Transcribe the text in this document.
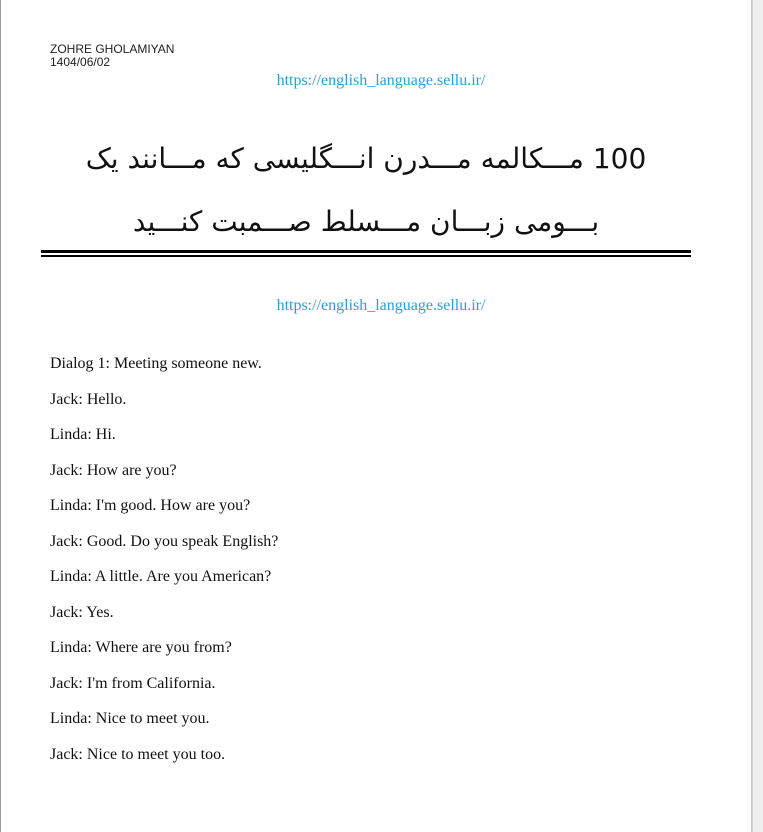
ZOHRE GHOLAMIYAN
1404/06/02
https://english_language.sellu.ir/
100 مـــکالمه مـــدرن انـــگلیسی که مـــانند یک
بـــومی زبـــان مـــسلط صـــمبت کنـــید
https://english_language.sellu.ir/
Dialog 1: Meeting someone new.
Jack: Hello.
Linda: Hi.
Jack: How are you?
Linda: I'm good. How are you?
Jack: Good. Do you speak English?
Linda: A little. Are you American?
Jack: Yes.
Linda: Where are you from?
Jack: I'm from California.
Linda: Nice to meet you.
Jack: Nice to meet you too.
